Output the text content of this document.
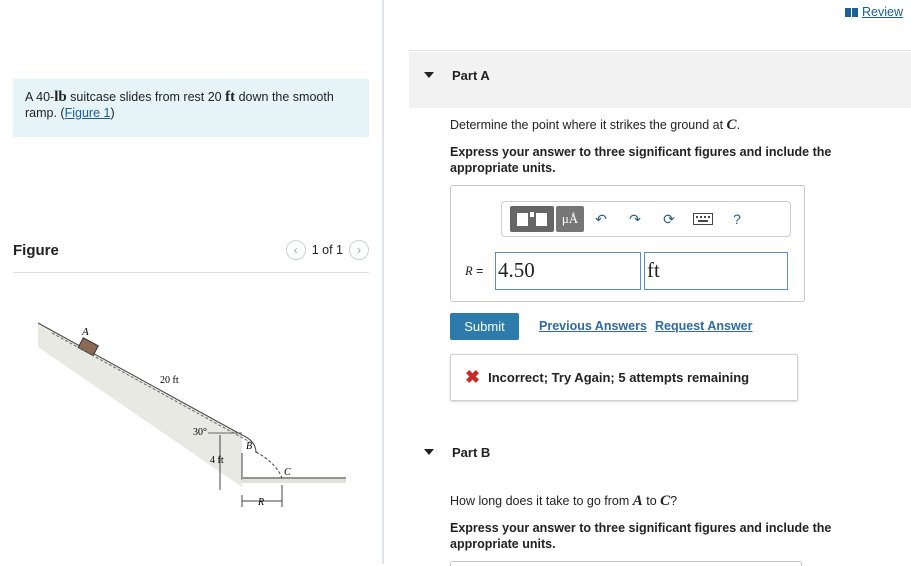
A 40-lb suitcase slides from rest 20 ft down the smooth ramp. (Figure 1)
Figure	‹ 1 of 1 ›
A
20 ft
30°
B
4 ft
C
R
Review
Part A
Determine the point where it strikes the ground at C.
Express your answer to three significant figures and include the appropriate units.
μÅ	↶ ↷ ⟳	?
R = 4.50	ft
Submit	Previous Answers Request Answer
✖ Incorrect; Try Again; 5 attempts remaining
Part B
How long does it take to go from A to C?
Express your answer to three significant figures and include the appropriate units.
